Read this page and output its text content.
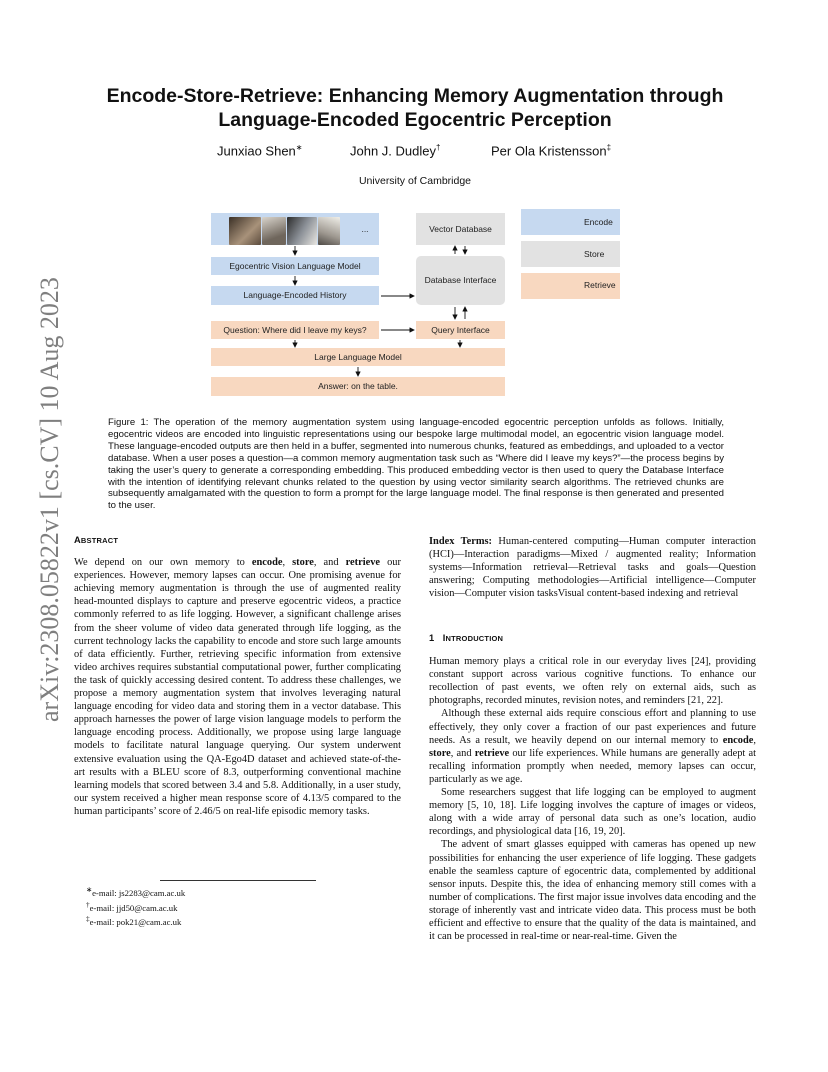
arXiv:2308.05822v1 [cs.CV] 10 Aug 2023
Encode-Store-Retrieve: Enhancing Memory Augmentation through
Language-Encoded Egocentric Perception
Junxiao Shen∗	John J. Dudley†	Per Ola Kristensson‡
University of Cambridge
...
Egocentric Vision Language Model
Language-Encoded History
Vector Database
Database Interface
Question: Where did I leave my keys?	Query Interface
Large Language Model
Answer: on the table.
Encode
Store
Retrieve
Figure 1: The operation of the memory augmentation system using language-encoded egocentric perception unfolds as follows. Initially, egocentric videos are encoded into linguistic representations using our bespoke large multimodal model, an egocentric vision language model. These language-encoded outputs are then held in a buffer, segmented into numerous chunks, featured as embeddings, and uploaded to a vector database. When a user poses a question—a common memory augmentation task such as “Where did I leave my keys?”—the process begins by taking the user’s query to generate a corresponding embedding. This produced embedding vector is then used to query the Database Interface with the intention of identifying relevant chunks related to the question by using vector similarity search algorithms. The retrieved chunks are subsequently amalgamated with the question to form a prompt for the large language model. The final response is then generated and presented to the user.
ABSTRACT

We depend on our own memory to encode, store, and retrieve our experiences. However, memory lapses can occur. One promising avenue for achieving memory augmentation is through the use of augmented reality head-mounted displays to capture and preserve egocentric videos, a practice commonly referred to as life logging. However, a significant challenge arises from the sheer volume of video data generated through life logging, as the current technology lacks the capability to encode and store such large amounts of data efficiently. Further, retrieving specific information from extensive video archives requires substantial computational power, further complicating the task of quickly accessing desired content. To address these challenges, we propose a memory augmentation system that involves leveraging natural language encoding for video data and storing them in a vector database. This approach harnesses the power of large vision language models to perform the language encoding process. Additionally, we propose using large language models to facilitate natural language querying. Our system underwent extensive evaluation using the QA-Ego4D dataset and achieved state-of-the-art results with a BLEU score of 8.3, outperforming conventional machine learning models that scored between 3.4 and 5.8. Additionally, in a user study, our system received a higher mean response score of 4.13/5 compared to the human participants’ score of 2.46/5 on real-life episodic memory tasks.

∗e-mail: js2283@cam.ac.uk
†e-mail: jjd50@cam.ac.uk
‡e-mail: pok21@cam.ac.uk

Index Terms: Human-centered computing—Human computer interaction (HCI)—Interaction paradigms—Mixed / augmented reality; Information systems—Information retrieval—Retrieval tasks and goals—Question answering; Computing methodologies—Artificial intelligence—Computer vision—Computer vision tasksVisual content-based indexing and retrieval

1 INTRODUCTION

Human memory plays a critical role in our everyday lives [24], providing constant support across various cognitive functions. To enhance our recollection of past events, we often rely on external aids, such as photographs, recorded minutes, revision notes, and reminders [21, 22].

Although these external aids require conscious effort and planning to use effectively, they only cover a fraction of our past experiences and future needs. As a result, we heavily depend on our internal memory to encode, store, and retrieve our life experiences. While humans are generally adept at recalling information promptly when needed, memory lapses can occur, particularly as we age.

Some researchers suggest that life logging can be employed to augment memory [5, 10, 18]. Life logging involves the capture of images or videos, along with a wide array of personal data such as one’s location, audio recordings, and physiological data [16, 19, 20].

The advent of smart glasses equipped with cameras has opened up new possibilities for enhancing the user experience of life logging. These gadgets enable the seamless capture of egocentric data, complemented by additional sensor inputs. Despite this, the idea of enhancing memory still comes with a number of complications. The first major issue involves data encoding and the storage of inherently vast and intricate video data. This process must be both efficient and effective to ensure that the quality of the data is maintained, and it can be processed in real-time or near-real-time. Given the
